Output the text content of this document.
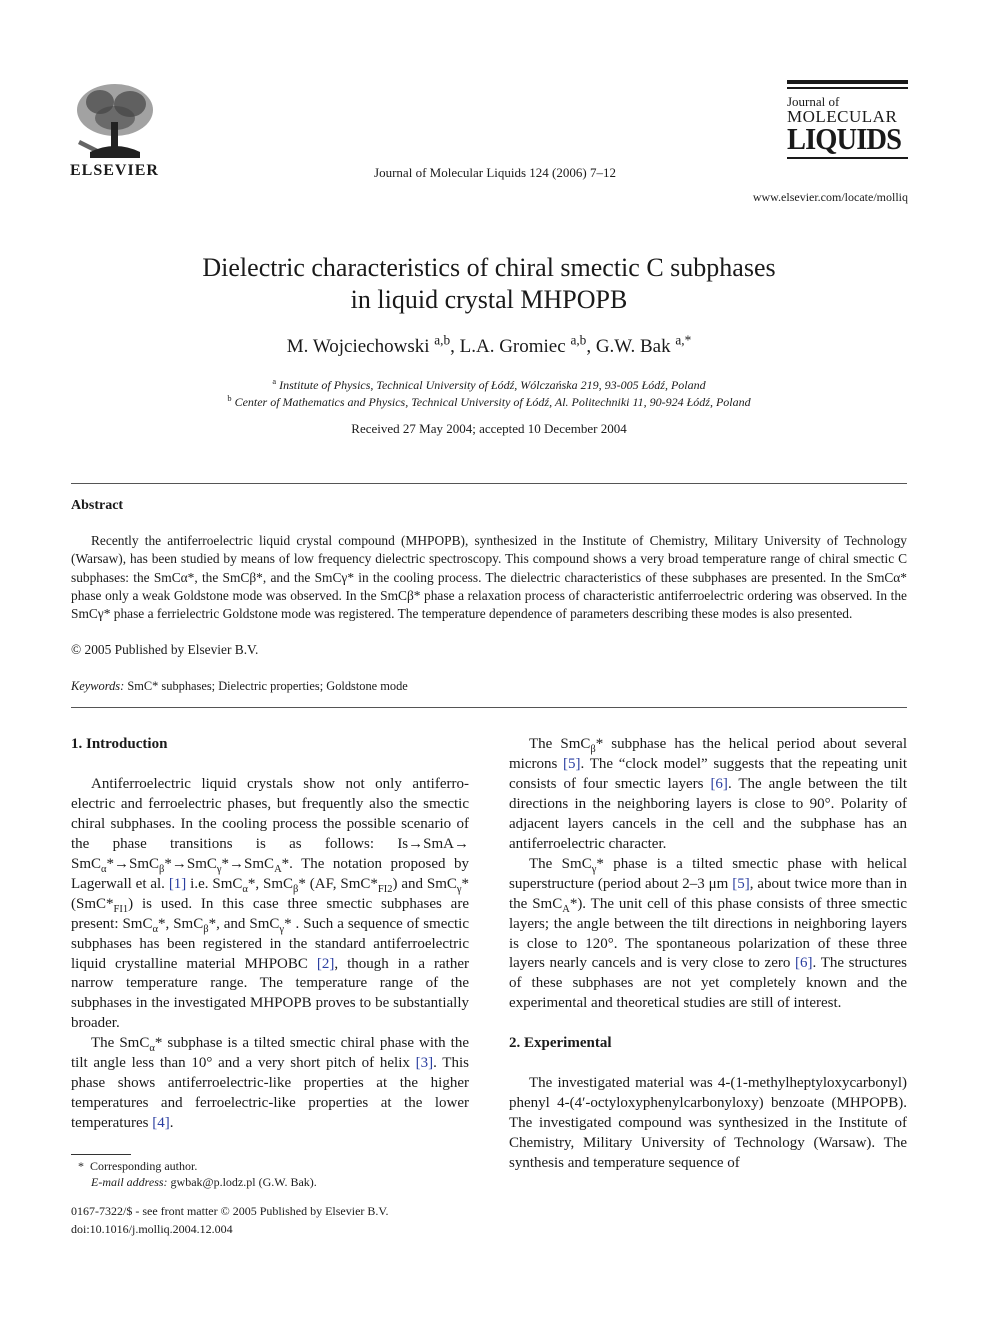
ELSEVIER	Journal of Molecular Liquids 124 (2006) 7–12
Journal of
MOLECULAR
LIQUIDS
www.elsevier.com/locate/molliq
Dielectric characteristics of chiral smectic C subphases
in liquid crystal MHPOPB
M. Wojciechowski $^{a,b}$, L.A. Gromiec $^{a,b}$, G.W. Bak $^{a,*}$
$^a$ Institute of Physics, Technical University of Łódź, Wólczańska 219, 93-005 Łódź, Poland
$^b$ Center of Mathematics and Physics, Technical University of Łódź, Al. Politechniki 11, 90-924 Łódź, Poland
Received 27 May 2004; accepted 10 December 2004
Abstract

Recently the antiferroelectric liquid crystal compound (MHPOPB), synthesized in the Institute of Chemistry, Military University of Technology (Warsaw), has been studied by means of low frequency dielectric spectroscopy. This compound shows a very broad temperature range of chiral smectic C subphases: the SmCα*, the SmCβ*, and the SmCγ* in the cooling process. The dielectric characteristics of these subphases are presented. In the SmCα* phase only a weak Goldstone mode was observed. In the SmCβ* phase a relaxation process of characteristic antiferroelectric ordering was observed. In the SmCγ* phase a ferrielectric Goldstone mode was registered. The temperature dependence of parameters describing these modes is also presented.

© 2005 Published by Elsevier B.V.
Keywords: SmC* subphases; Dielectric properties; Goldstone mode

1. Introduction

Antiferroelectric liquid crystals show not only antiferro-electric and ferroelectric phases, but frequently also the smectic chiral subphases. In the cooling process the possible scenario of the phase transitions is as follows: Is→SmA→ SmC$_\alpha$*→SmC$_\beta$*→SmC$_\gamma$*→SmC$_A$*. The notation proposed by Lagerwall et al. [1] i.e. SmC$_\alpha$*, SmC$_\beta$* (AF, $SmC*_{FI2}$) and SmC$_\gamma$* $(SmC*_{FI1})$ is used. In this case three smectic subphases are present: SmC$_\alpha$*, SmC$_\beta$*, and SmC$_\gamma$* . Such a sequence of smectic subphases has been registered in the standard antiferroelectric liquid crystalline material MHPOBC [2], though in a rather narrow temperature range. The temperature range of the subphases in the investigated MHPOPB proves to be substantially broader.

The SmC$_\alpha$* subphase is a tilted smectic chiral phase with the tilt angle less than 10° and a very short pitch of helix [3]. This phase shows antiferroelectric-like properties at the higher temperatures and ferroelectric-like properties at the lower temperatures [4].

The SmC$_\beta$* subphase has the helical period about several microns [5]. The “clock model” suggests that the repeating unit consists of four smectic layers [6]. The angle between the tilt directions in the neighboring layers is close to 90°. Polarity of adjacent layers cancels in the cell and the subphase has an antiferroelectric character.

The SmC$_\gamma$* phase is a tilted smectic phase with helical superstructure (period about 2–3 μm [5], about twice more than in the SmC$_A$*). The unit cell of this phase consists of three smectic layers; the angle between the tilt directions in neighboring layers is close to 120°. The spontaneous polarization of these three layers nearly cancels and is very close to zero [6]. The structures of these subphases are not yet completely known and the experimental and theoretical studies are still of interest.

2. Experimental

The investigated material was 4-(1-methylheptyloxycarbonyl) phenyl 4-(4′-octyloxyphenylcarbonyloxy) benzoate (MHPOPB). The investigated compound was synthesized in the Institute of Chemistry, Military University of Technology (Warsaw). The synthesis and temperature sequence of

* Corresponding author.
E-mail address: gwbak@p.lodz.pl (G.W. Bak).
0167-7322/$ - see front matter © 2005 Published by Elsevier B.V.
doi:10.1016/j.molliq.2004.12.004
